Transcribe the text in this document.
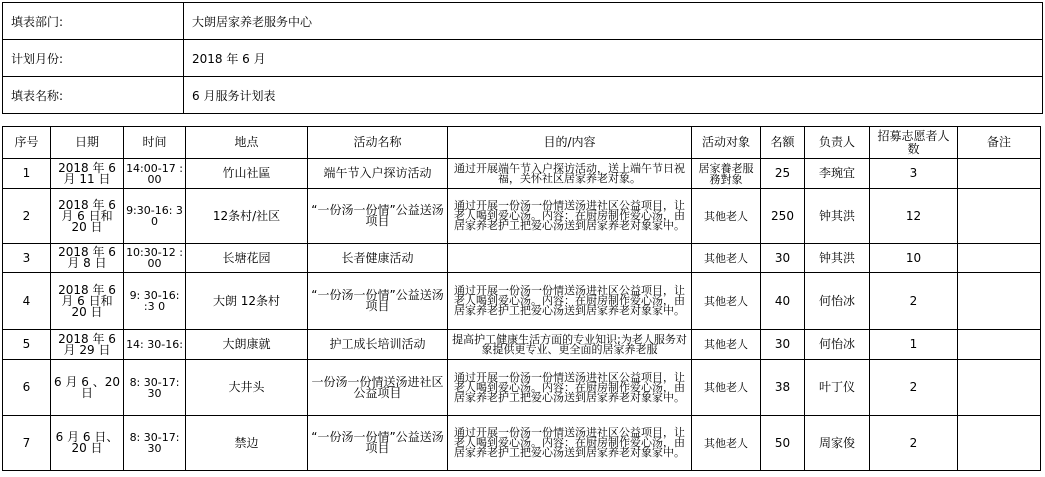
填表部门:	大朗居家养老服务中心
计划月份:	2018 年 6 月
填表名称:	6 月服务计划表
序号	日期	时间	地点	活动名称	目的/内容	活动对象	名额	负责人	招募志愿者人数	备注
1	2018 年 6 月 11 日	14:00-17 :00	竹山社區	端午节入户探访活动	通过开展端午节入户探访活动，送上端午节日祝福，关怀社区居家养老对象。	居家養老服務對象	25	李琬宜	3	
2	2018 年 6 月 6 日和 20 日	9:30-16: 30	12条村/社区	“一份汤一份情”公益送汤项目	通过开展一份汤一份情送汤进社区公益项目，让老人喝到爱心汤。内容：在厨房制作爱心汤，由居家养老护工把爱心汤送到居家养老对象家中。	其他老人	250	钟其洪	12	
3	2018 年 6 月 8 日	10:30-12 :00	长塘花园	长者健康活动		其他老人	30	钟其洪	10	
4	2018 年 6 月 6 日和 20 日	9: 30-16: :3 0	大朗 12条村	“一份汤一份情”公益送汤项目	通过开展一份汤一份情送汤进社区公益项目，让老人喝到爱心汤。内容：在厨房制作爱心汤，由居家养老护工把爱心汤送到居家养老对象家中。	其他老人	40	何怡冰	2	
5	2018 年 6 月 29 日	14: 30-16:	大朗康就	护工成长培训活动	提高护工健康生活方面的专业知识;为老人服务对象提供更专业、更全面的居家养老服	其他老人	30	何怡冰	1	
6	6 月 6 、20 日	8: 30-17: 30	大井头	一份汤一份情送汤进社区公益项目	通过开展一份汤一份情送汤进社区公益项目，让老人喝到爱心汤。内容：在厨房制作爱心汤，由居家养老护工把爱心汤送到居家养老对象家中。	其他老人	38	叶丁仪	2	
7	6 月 6 日、20 日	8: 30-17: 30	禁边	“一份汤一份情”公益送汤项目	通过开展一份汤一份情送汤进社区公益项目，让老人喝到爱心汤。内容：在厨房制作爱心汤，由居家养老护工把爱心汤送到居家养老对象家中。	其他老人	50	周家俊	2	
